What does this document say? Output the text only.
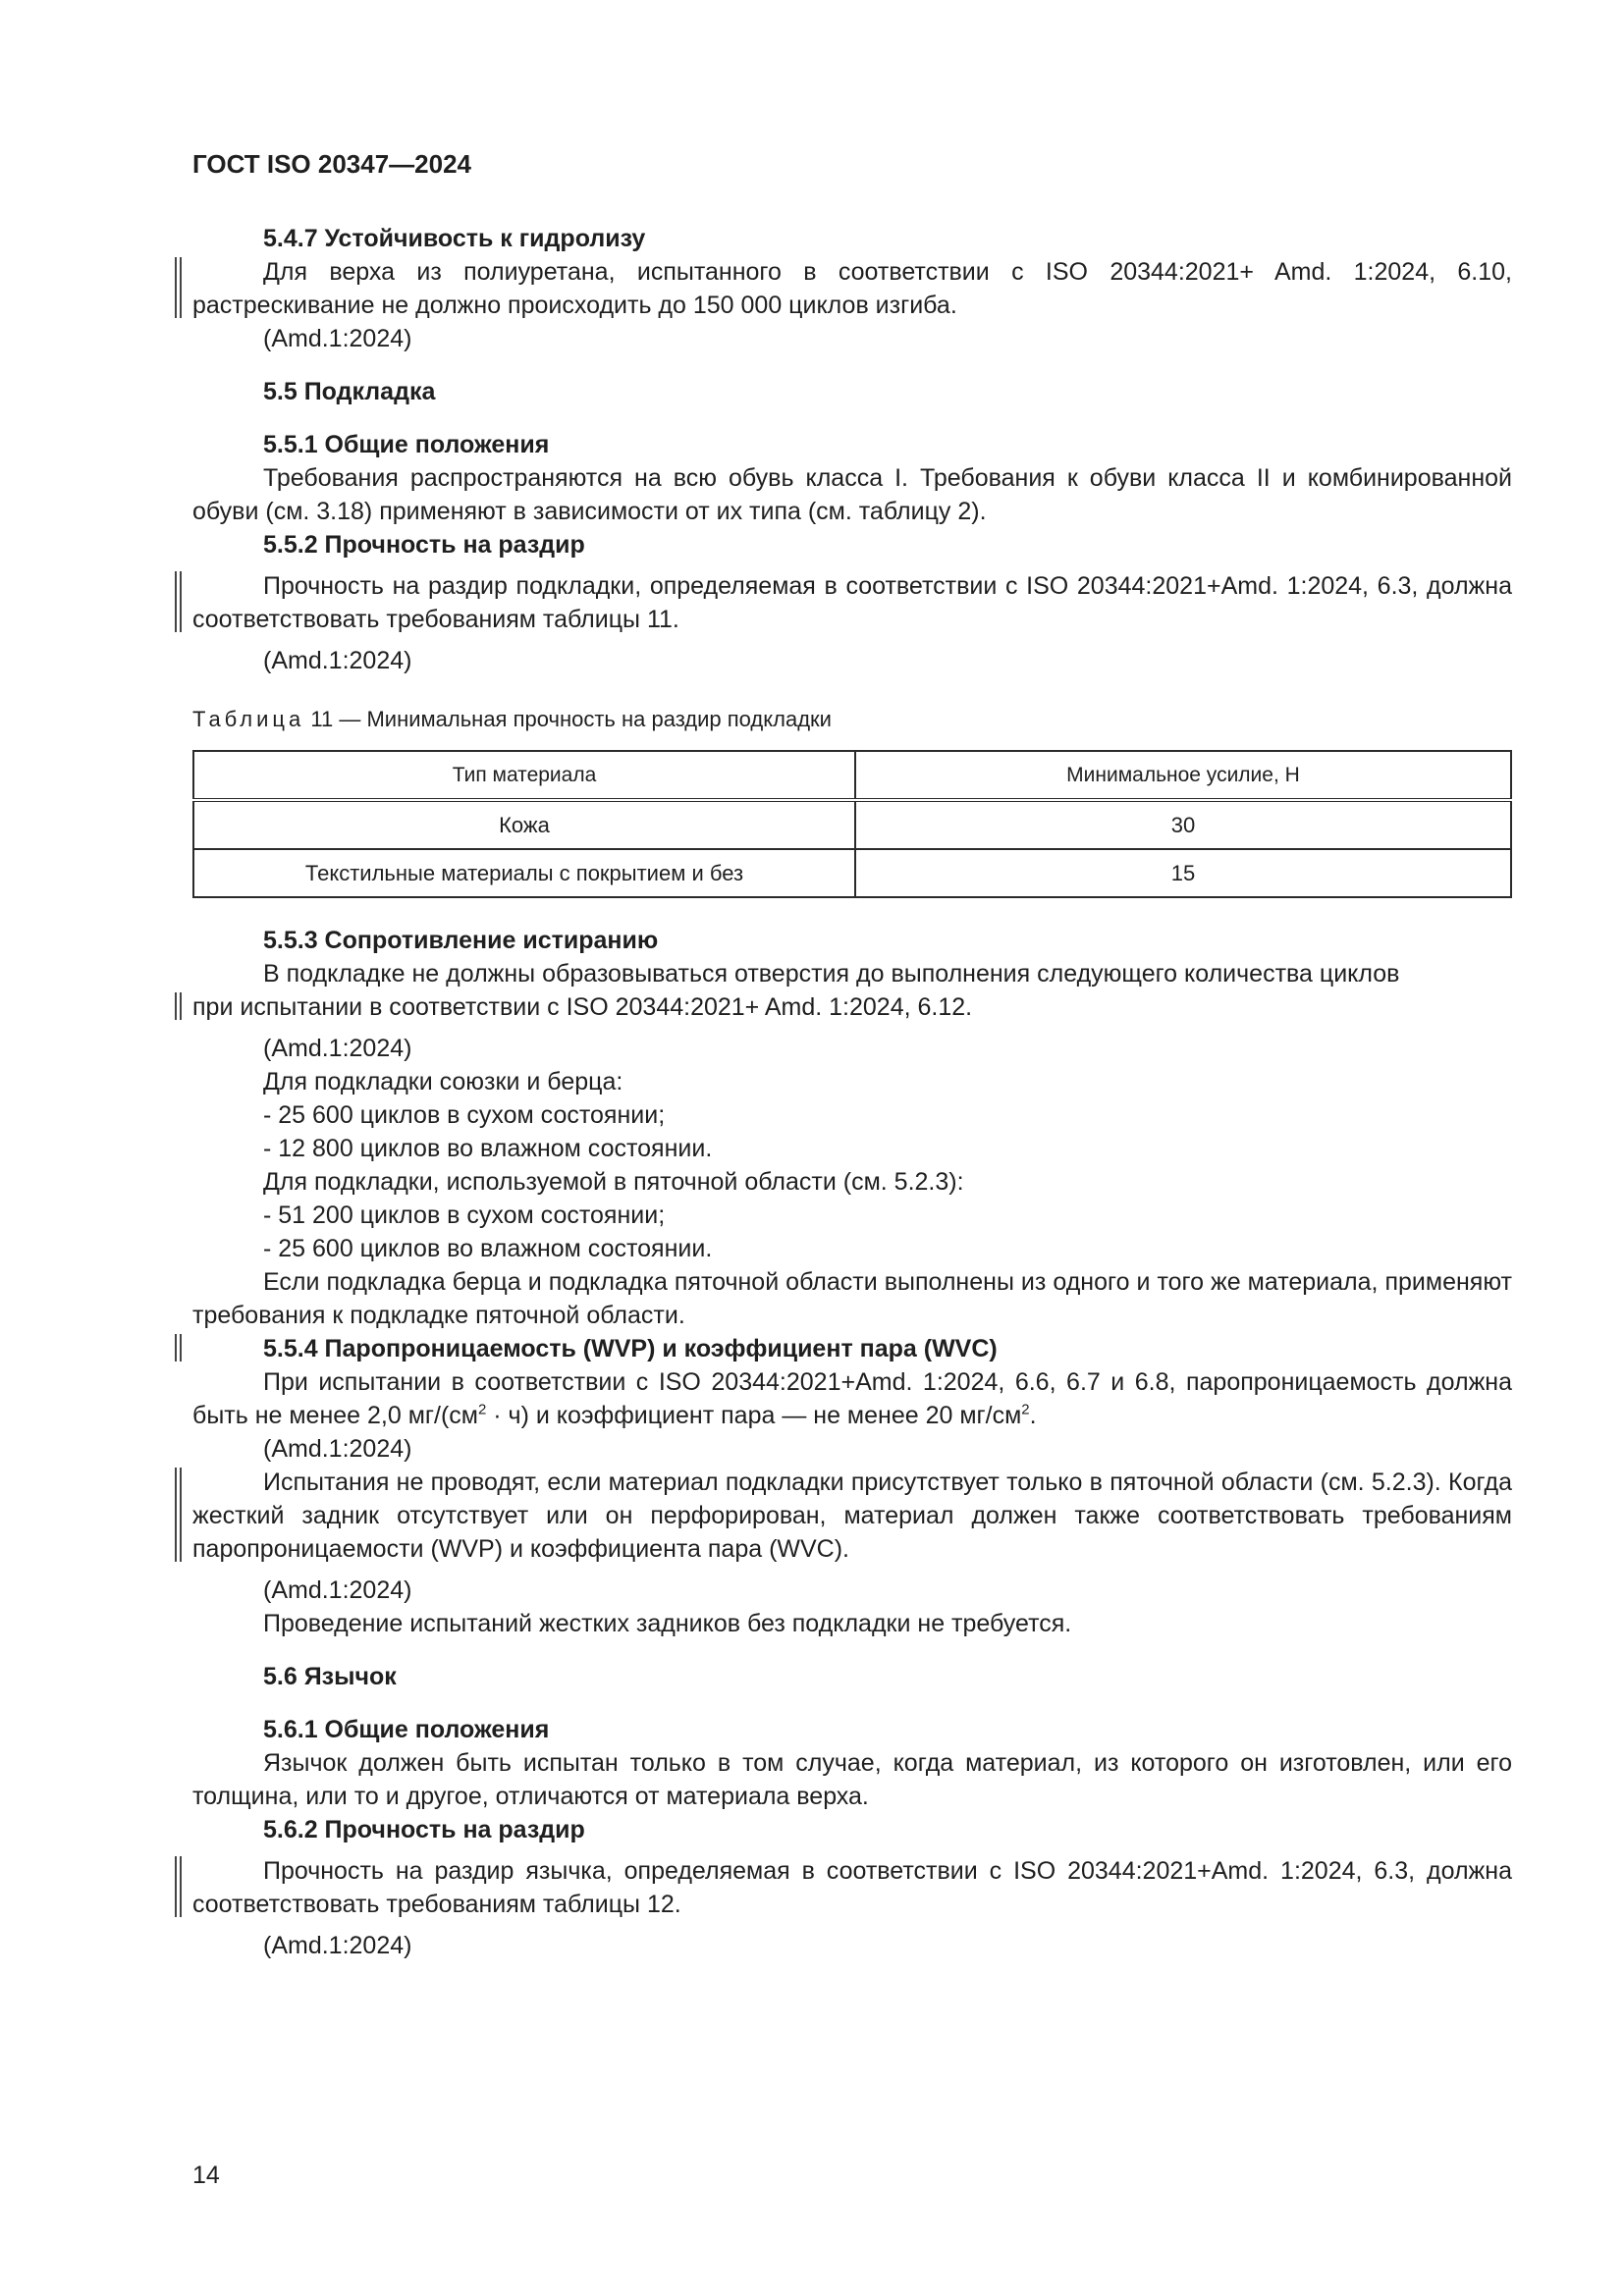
ГОСТ ISO 20347—2024
5.4.7 Устойчивость к гидролизу

Для верха из полиуретана, испытанного в соответствии с ISO 20344:2021+ Amd. 1:2024, 6.10, растрескивание не должно происходить до 150 000 циклов изгиба.

(Amd.1:2024)

5.5 Подкладка
5.5.1 Общие положения

Требования распространяются на всю обувь класса I. Требования к обуви класса II и комбинированной обуви (см. 3.18) применяют в зависимости от их типа (см. таблицу 2).

5.5.2 Прочность на раздир

Прочность на раздир подкладки, определяемая в соответствии с ISO 20344:2021+Amd. 1:2024, 6.3, должна соответствовать требованиям таблицы 11.

(Amd.1:2024)

Таблица 11 — Минимальная прочность на раздир подкладки
Тип материала	Минимальное усилие, Н
Кожа	30
Текстильные материалы с покрытием и без	15
5.5.3 Сопротивление истиранию

В подкладке не должны образовываться отверстия до выполнения следующего количества циклов

при испытании в соответствии с ISO 20344:2021+ Amd. 1:2024, 6.12.

(Amd.1:2024)

Для подкладки союзки и берца:

- 25 600 циклов в сухом состоянии;

- 12 800 циклов во влажном состоянии.

Для подкладки, используемой в пяточной области (см. 5.2.3):

- 51 200 циклов в сухом состоянии;

- 25 600 циклов во влажном состоянии.

Если подкладка берца и подкладка пяточной области выполнены из одного и того же материала, применяют требования к подкладке пяточной области.

5.5.4 Паропроницаемость (WVP) и коэффициент пара (WVC)

При испытании в соответствии с ISO 20344:2021+Amd. 1:2024, 6.6, 6.7 и 6.8, паропроницаемость должна быть не менее 2,0 $мг/(см^2 \cdot ч)$ и коэффициент пара — не менее 20 $мг/см^2$.

(Amd.1:2024)

Испытания не проводят, если материал подкладки присутствует только в пяточной области (см. 5.2.3). Когда жесткий задник отсутствует или он перфорирован, материал должен также соответствовать требованиям паропроницаемости (WVP) и коэффициента пара (WVC).

(Amd.1:2024)

Проведение испытаний жестких задников без подкладки не требуется.

5.6 Язычок
5.6.1 Общие положения

Язычок должен быть испытан только в том случае, когда материал, из которого он изготовлен, или его толщина, или то и другое, отличаются от материала верха.

5.6.2 Прочность на раздир

Прочность на раздир язычка, определяемая в соответствии с ISO 20344:2021+Amd. 1:2024, 6.3, должна соответствовать требованиям таблицы 12.

(Amd.1:2024)

14
